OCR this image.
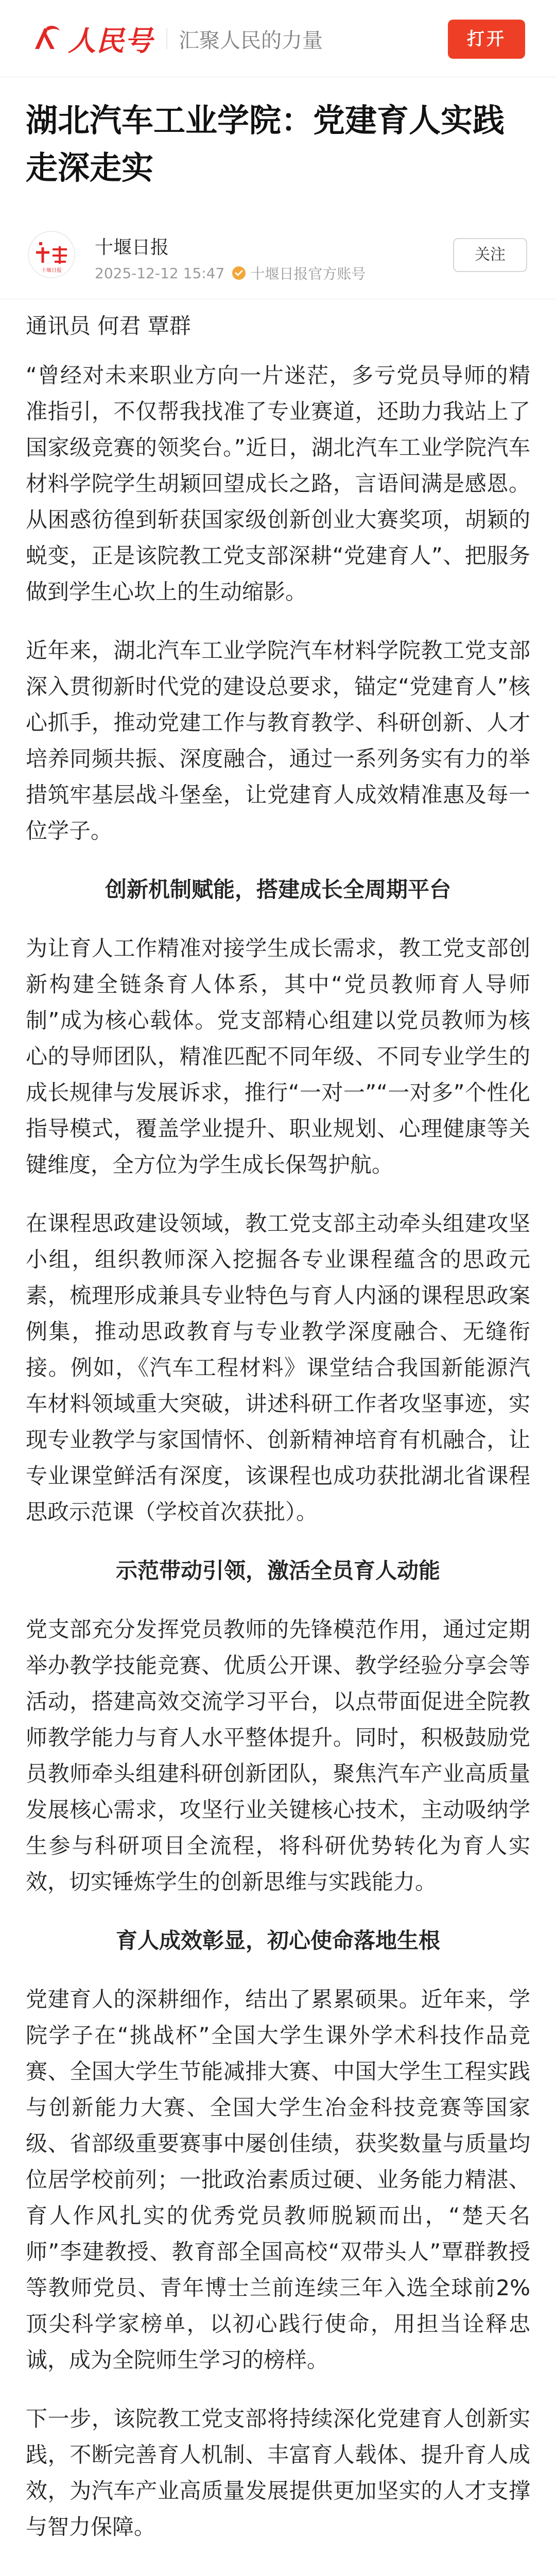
人民号 汇聚人民的力量	打开
湖北汽车工业学院：党建育人实践走深走实
十堰日报
十堰日报
2025-12-12 15:47 十堰日报官方账号
关注

通讯员 何君 覃群

“曾经对未来职业方向一片迷茫，多亏党员导师的精准指引，不仅帮我找准了专业赛道，还助力我站上了国家级竞赛的领奖台。”近日，湖北汽车工业学院汽车材料学院学生胡颖回望成长之路，言语间满是感恩。从困惑彷徨到斩获国家级创新创业大赛奖项，胡颖的蜕变，正是该院教工党支部深耕“党建育人”、把服务做到学生心坎上的生动缩影。

近年来，湖北汽车工业学院汽车材料学院教工党支部深入贯彻新时代党的建设总要求，锚定“党建育人”核心抓手，推动党建工作与教育教学、科研创新、人才培养同频共振、深度融合，通过一系列务实有力的举措筑牢基层战斗堡垒，让党建育人成效精准惠及每一位学子。

创新机制赋能，搭建成长全周期平台

为让育人工作精准对接学生成长需求，教工党支部创新构建全链条育人体系，其中“党员教师育人导师制”成为核心载体。党支部精心组建以党员教师为核心的导师团队，精准匹配不同年级、不同专业学生的成长规律与发展诉求，推行“一对一”“一对多”个性化指导模式，覆盖学业提升、职业规划、心理健康等关键维度，全方位为学生成长保驾护航。

在课程思政建设领域，教工党支部主动牵头组建攻坚小组，组织教师深入挖掘各专业课程蕴含的思政元素，梳理形成兼具专业特色与育人内涵的课程思政案例集，推动思政教育与专业教学深度融合、无缝衔接。例如，《汽车工程材料》课堂结合我国新能源汽车材料领域重大突破，讲述科研工作者攻坚事迹，实现专业教学与家国情怀、创新精神培育有机融合，让专业课堂鲜活有深度，该课程也成功获批湖北省课程思政示范课（学校首次获批）。

示范带动引领，激活全员育人动能

党支部充分发挥党员教师的先锋模范作用，通过定期举办教学技能竞赛、优质公开课、教学经验分享会等活动，搭建高效交流学习平台，以点带面促进全院教师教学能力与育人水平整体提升。同时，积极鼓励党员教师牵头组建科研创新团队，聚焦汽车产业高质量发展核心需求，攻坚行业关键核心技术，主动吸纳学生参与科研项目全流程，将科研优势转化为育人实效，切实锤炼学生的创新思维与实践能力。

育人成效彰显，初心使命落地生根

党建育人的深耕细作，结出了累累硕果。近年来，学院学子在“挑战杯”全国大学生课外学术科技作品竞赛、全国大学生节能减排大赛、中国大学生工程实践与创新能力大赛、全国大学生冶金科技竞赛等国家级、省部级重要赛事中屡创佳绩，获奖数量与质量均位居学校前列；一批政治素质过硬、业务能力精湛、育人作风扎实的优秀党员教师脱颖而出，“楚天名师”李建教授、教育部全国高校“双带头人”覃群教授等教师党员、青年博士兰前连续三年入选全球前2%顶尖科学家榜单，以初心践行使命，用担当诠释忠诚，成为全院师生学习的榜样。

下一步，该院教工党支部将持续深化党建育人创新实践，不断完善育人机制、丰富育人载体、提升育人成效，为汽车产业高质量发展提供更加坚实的人才支撑与智力保障。
